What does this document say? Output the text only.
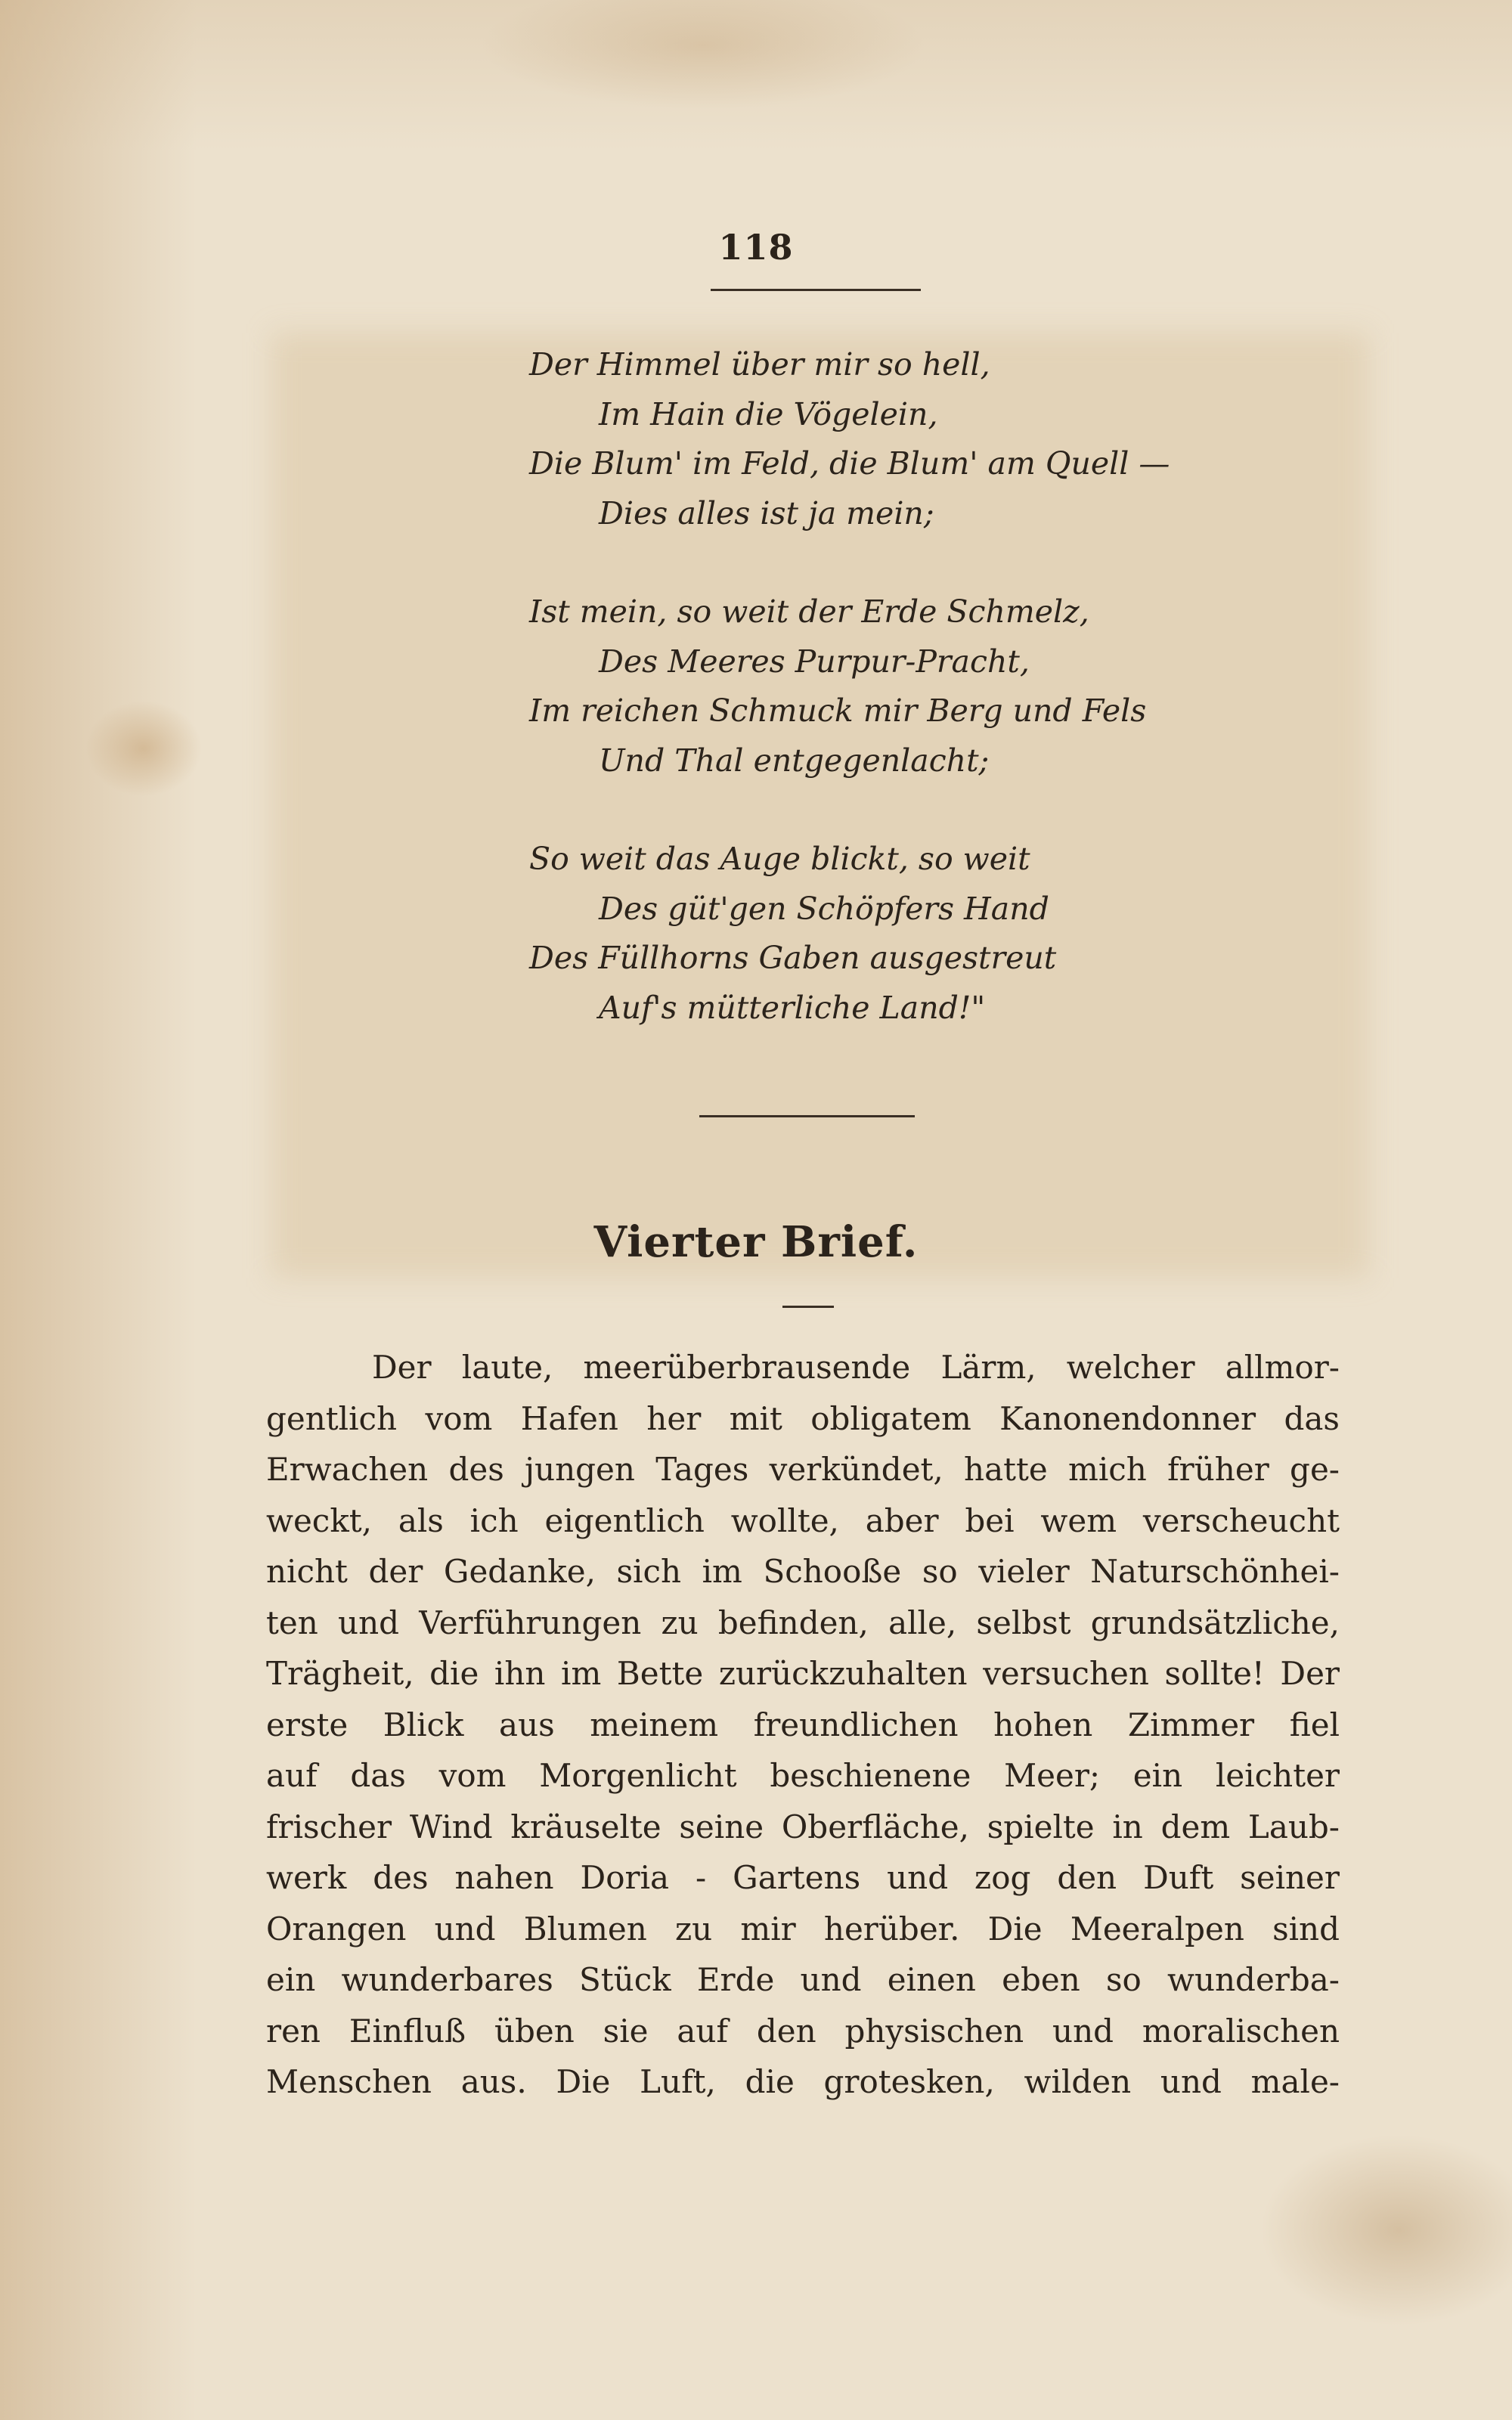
118
Der Himmel über mir so hell,
Im Hain die Vögelein,
Die Blum' im Feld, die Blum' am Quell —
Dies alles ist ja mein;
Ist mein, so weit der Erde Schmelz,
Des Meeres Purpur-Pracht,
Im reichen Schmuck mir Berg und Fels
Und Thal entgegenlacht;
So weit das Auge blickt, so weit
Des güt'gen Schöpfers Hand
Des Füllhorns Gaben ausgestreut
Auf's mütterliche Land!"
Vierter Brief.
Der laute, meerüberbrausende Lärm, welcher allmor-
gentlich vom Hafen her mit obligatem Kanonendonner das
Erwachen des jungen Tages verkündet, hatte mich früher ge-
weckt, als ich eigentlich wollte, aber bei wem verscheucht
nicht der Gedanke, sich im Schooße so vieler Naturschönhei-
ten und Verführungen zu befinden, alle, selbst grundsätzliche,
Trägheit, die ihn im Bette zurückzuhalten versuchen sollte! Der
erste Blick aus meinem freundlichen hohen Zimmer fiel
auf das vom Morgenlicht beschienene Meer; ein leichter
frischer Wind kräuselte seine Oberfläche, spielte in dem Laub-
werk des nahen Doria - Gartens und zog den Duft seiner
Orangen und Blumen zu mir herüber. Die Meeralpen sind
ein wunderbares Stück Erde und einen eben so wunderba-
ren Einfluß üben sie auf den physischen und moralischen
Menschen aus. Die Luft, die grotesken, wilden und male-
